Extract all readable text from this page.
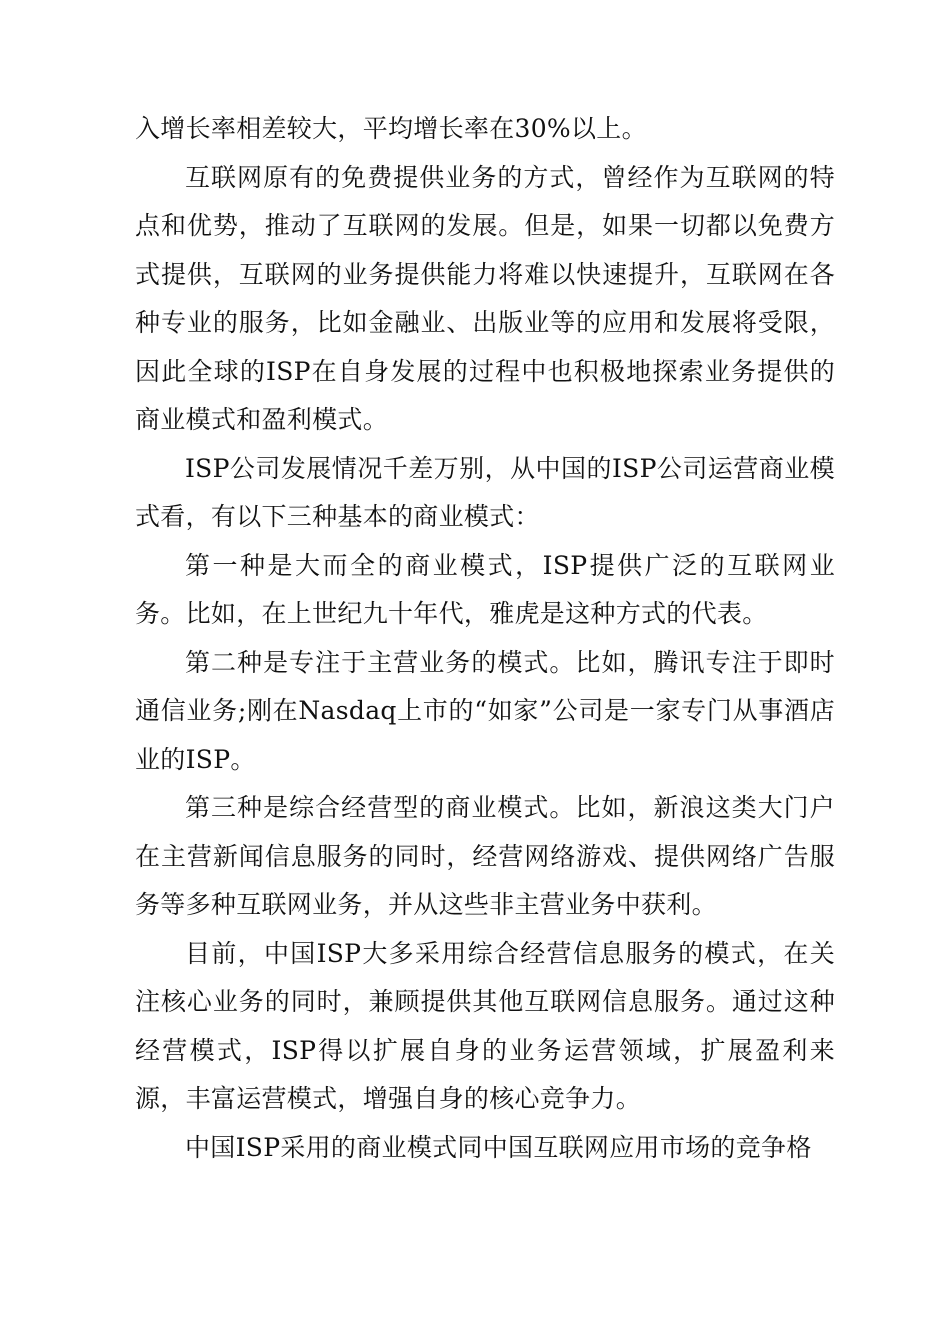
入增长率相差较大，平均增长率在30%以上。

互联网原有的免费提供业务的方式，曾经作为互联网的特点和优势，推动了互联网的发展。但是，如果一切都以免费方式提供，互联网的业务提供能力将难以快速提升，互联网在各种专业的服务，比如金融业、出版业等的应用和发展将受限，因此全球的ISP在自身发展的过程中也积极地探索业务提供的商业模式和盈利模式。

ISP公司发展情况千差万别，从中国的ISP公司运营商业模式看，有以下三种基本的商业模式：

第一种是大而全的商业模式，ISP提供广泛的互联网业务。比如，在上世纪九十年代，雅虎是这种方式的代表。

第二种是专注于主营业务的模式。比如，腾讯专注于即时通信业务;刚在Nasdaq上市的“如家”公司是一家专门从事酒店业的ISP。

第三种是综合经营型的商业模式。比如，新浪这类大门户在主营新闻信息服务的同时，经营网络游戏、提供网络广告服务等多种互联网业务，并从这些非主营业务中获利。

目前，中国ISP大多采用综合经营信息服务的模式，在关注核心业务的同时，兼顾提供其他互联网信息服务。通过这种经营模式，ISP得以扩展自身的业务运营领域，扩展盈利来源，丰富运营模式，增强自身的核心竞争力。

中国ISP采用的商业模式同中国互联网应用市场的竞争格
